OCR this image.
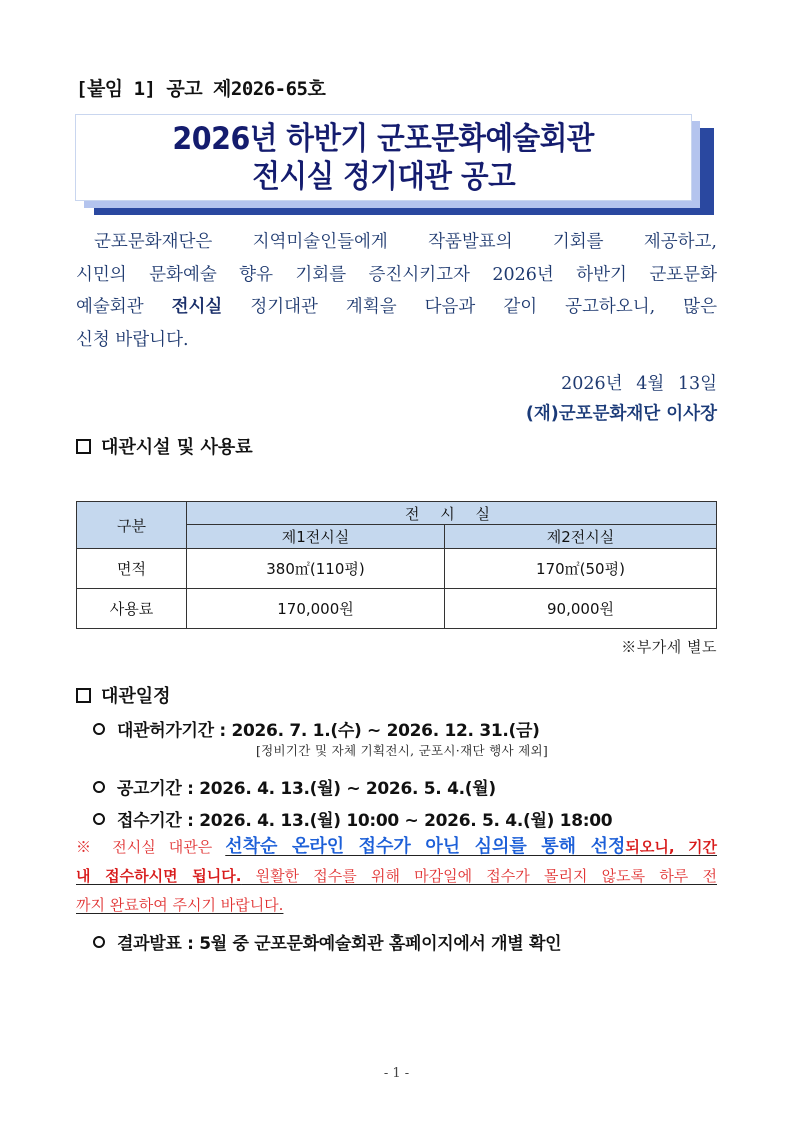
[붙임 1] 공고 제2026-65호
2026년 하반기 군포문화예술회관
전시실 정기대관 공고
군포문화재단은 지역미술인들에게 작품발표의 기회를 제공하고,
시민의 문화예술 향유 기회를 증진시키고자 2026년 하반기 군포문화
예술회관 전시실 정기대관 계획을 다음과 같이 공고하오니, 많은
신청 바랍니다.
2026년 4월 13일
(재)군포문화재단 이사장
대관시설 및 사용료
구분	전 시 실	
	제1전시실	제2전시실
면적	380㎡(110평)	170㎡(50평)
사용료	170,000원	90,000원
※부가세 별도
대관일정
대관허가기간 : 2026. 7. 1.(수) ~ 2026. 12. 31.(금)
[정비기간 및 자체 기획전시, 군포시·재단 행사 제외]
공고기간 : 2026. 4. 13.(월) ~ 2026. 5. 4.(월)
접수기간 : 2026. 4. 13.(월) 10:00 ~ 2026. 5. 4.(월) 18:00
※ 전시실 대관은 선착순 온라인 접수가 아닌 심의를 통해 선정되오니, 기간
내 접수하시면 됩니다. 원활한 접수를 위해 마감일에 접수가 몰리지 않도록 하루 전
까지 완료하여 주시기 바랍니다.
결과발표 : 5월 중 군포문화예술회관 홈페이지에서 개별 확인
- 1 -
